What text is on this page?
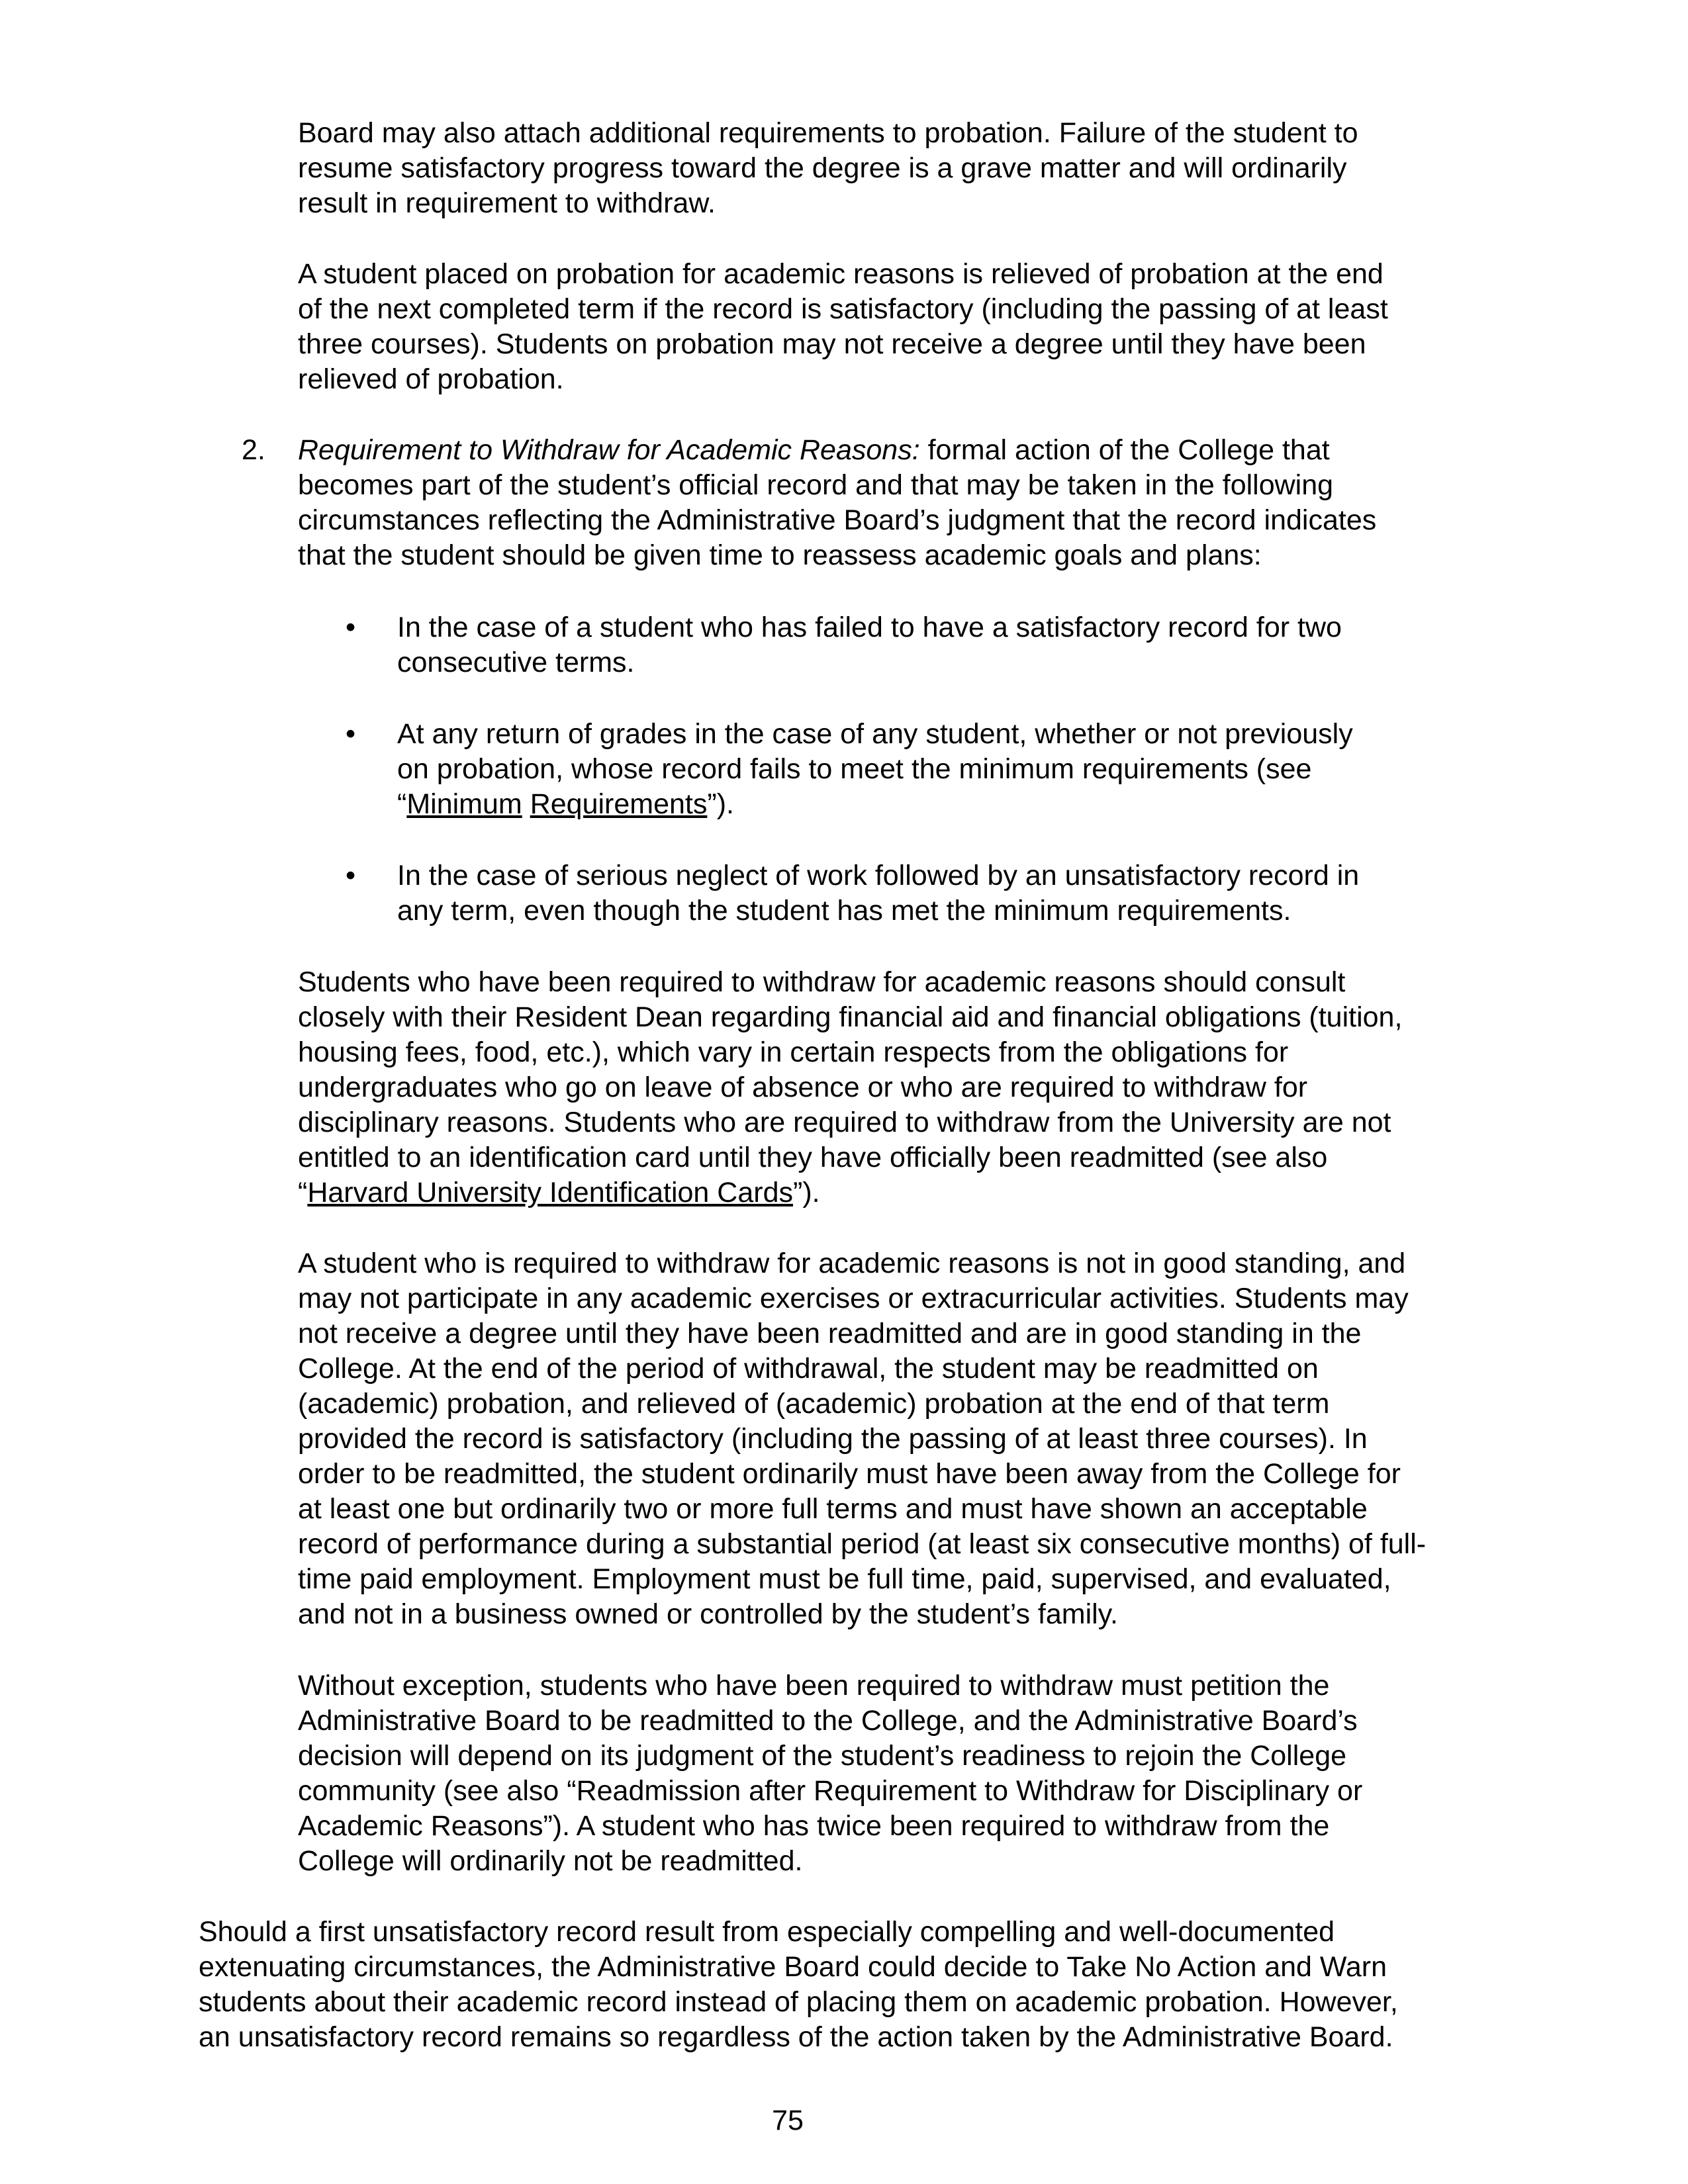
Board may also attach additional requirements to probation. Failure of the student to
resume satisfactory progress toward the degree is a grave matter and will ordinarily
result in requirement to withdraw.
A student placed on probation for academic reasons is relieved of probation at the end
of the next completed term if the record is satisfactory (including the passing of at least
three courses). Students on probation may not receive a degree until they have been
relieved of probation.
2. Requirement to Withdraw for Academic Reasons: formal action of the College that
becomes part of the student’s official record and that may be taken in the following
circumstances reflecting the Administrative Board’s judgment that the record indicates
that the student should be given time to reassess academic goals and plans:
• In the case of a student who has failed to have a satisfactory record for two
consecutive terms.
• At any return of grades in the case of any student, whether or not previously
on probation, whose record fails to meet the minimum requirements (see
“Minimum Requirements”).
• In the case of serious neglect of work followed by an unsatisfactory record in
any term, even though the student has met the minimum requirements.
Students who have been required to withdraw for academic reasons should consult
closely with their Resident Dean regarding financial aid and financial obligations (tuition,
housing fees, food, etc.), which vary in certain respects from the obligations for
undergraduates who go on leave of absence or who are required to withdraw for
disciplinary reasons. Students who are required to withdraw from the University are not
entitled to an identification card until they have officially been readmitted (see also
“Harvard University Identification Cards”).
A student who is required to withdraw for academic reasons is not in good standing, and
may not participate in any academic exercises or extracurricular activities. Students may
not receive a degree until they have been readmitted and are in good standing in the
College. At the end of the period of withdrawal, the student may be readmitted on
(academic) probation, and relieved of (academic) probation at the end of that term
provided the record is satisfactory (including the passing of at least three courses). In
order to be readmitted, the student ordinarily must have been away from the College for
at least one but ordinarily two or more full terms and must have shown an acceptable
record of performance during a substantial period (at least six consecutive months) of full-
time paid employment. Employment must be full time, paid, supervised, and evaluated,
and not in a business owned or controlled by the student’s family.
Without exception, students who have been required to withdraw must petition the
Administrative Board to be readmitted to the College, and the Administrative Board’s
decision will depend on its judgment of the student’s readiness to rejoin the College
community (see also “Readmission after Requirement to Withdraw for Disciplinary or
Academic Reasons”). A student who has twice been required to withdraw from the
College will ordinarily not be readmitted.
Should a first unsatisfactory record result from especially compelling and well-documented
extenuating circumstances, the Administrative Board could decide to Take No Action and Warn
students about their academic record instead of placing them on academic probation. However,
an unsatisfactory record remains so regardless of the action taken by the Administrative Board.
75
